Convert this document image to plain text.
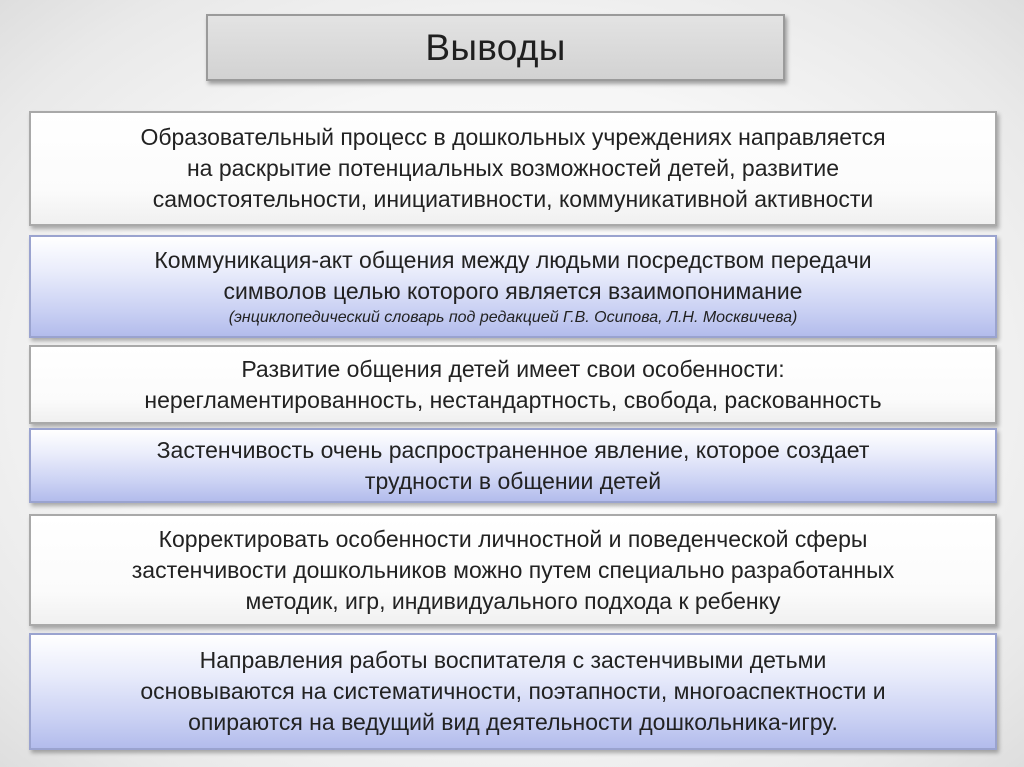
Выводы
Образовательный процесс в дошкольных учреждениях направляется
на раскрытие потенциальных возможностей детей, развитие
самостоятельности, инициативности, коммуникативной активности
Коммуникация-акт общения между людьми посредством передачи
символов целью которого является взаимопонимание
(энциклопедический словарь под редакцией Г.В. Осипова, Л.Н. Москвичева)
Развитие общения детей имеет свои особенности:
нерегламентированность, нестандартность, свобода, раскованность
Застенчивость очень распространенное явление, которое создает
трудности в общении детей
Корректировать особенности личностной и поведенческой сферы
застенчивости дошкольников можно путем специально разработанных
методик, игр, индивидуального подхода к ребенку
Направления работы воспитателя с застенчивыми детьми
основываются на систематичности, поэтапности, многоаспектности и
опираются на ведущий вид деятельности дошкольника-игру.
